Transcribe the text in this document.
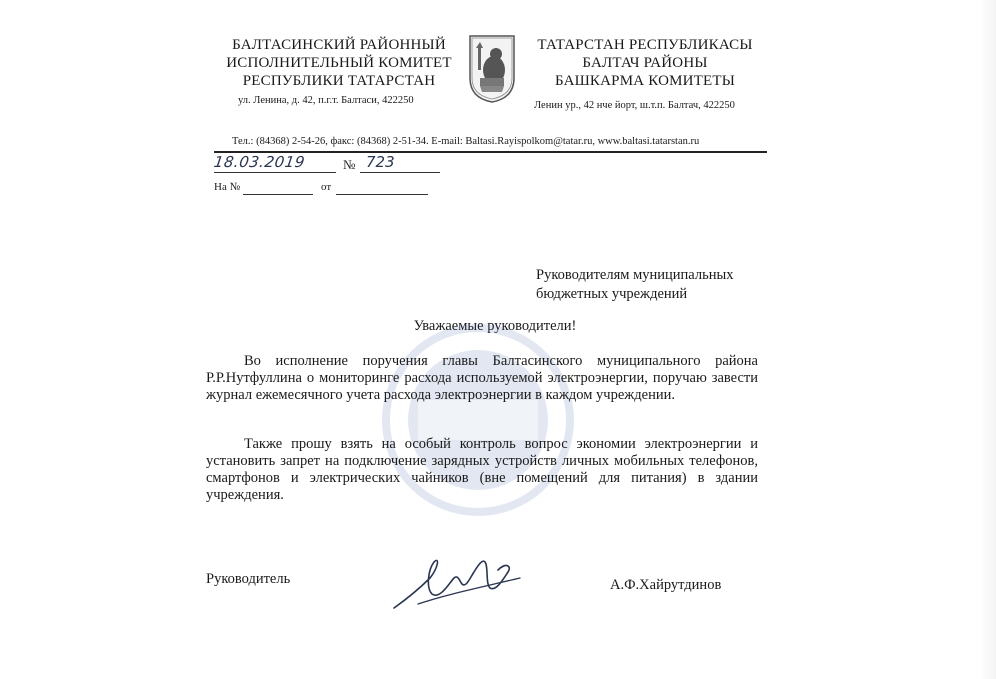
БАЛТАСИНСКИЙ РАЙОННЫЙ
ИСПОЛНИТЕЛЬНЫЙ КОМИТЕТ
РЕСПУБЛИКИ ТАТАРСТАН
ТАТАРСТАН РЕСПУБЛИКАСЫ
БАЛТАЧ РАЙОНЫ
БАШКАРМА КОМИТЕТЫ
ул. Ленина, д. 42, п.г.т. Балтаси, 422250	Ленин ур., 42 нче йорт, ш.т.п. Балтач, 422250
Тел.: (84368) 2-54-26, факс: (84368) 2-51-34. E-mail: Baltasi.Rayispolkom@tatar.ru, www.baltasi.tatarstan.ru
18.03.2019	№ 723
На №	от
Руководителям муниципальных
бюджетных учреждений
Уважаемые руководители!
Во исполнение поручения главы Балтасинского муниципального района Р.Р.Нутфуллина о мониторинге расхода используемой электроэнергии, поручаю завести журнал ежемесячного учета расхода электроэнергии в каждом учреждении.
Также прошу взять на особый контроль вопрос экономии электроэнергии и установить запрет на подключение зарядных устройств личных мобильных телефонов, смартфонов и электрических чайников (вне помещений для питания) в здании учреждения.
Руководитель	А.Ф.Хайрутдинов
